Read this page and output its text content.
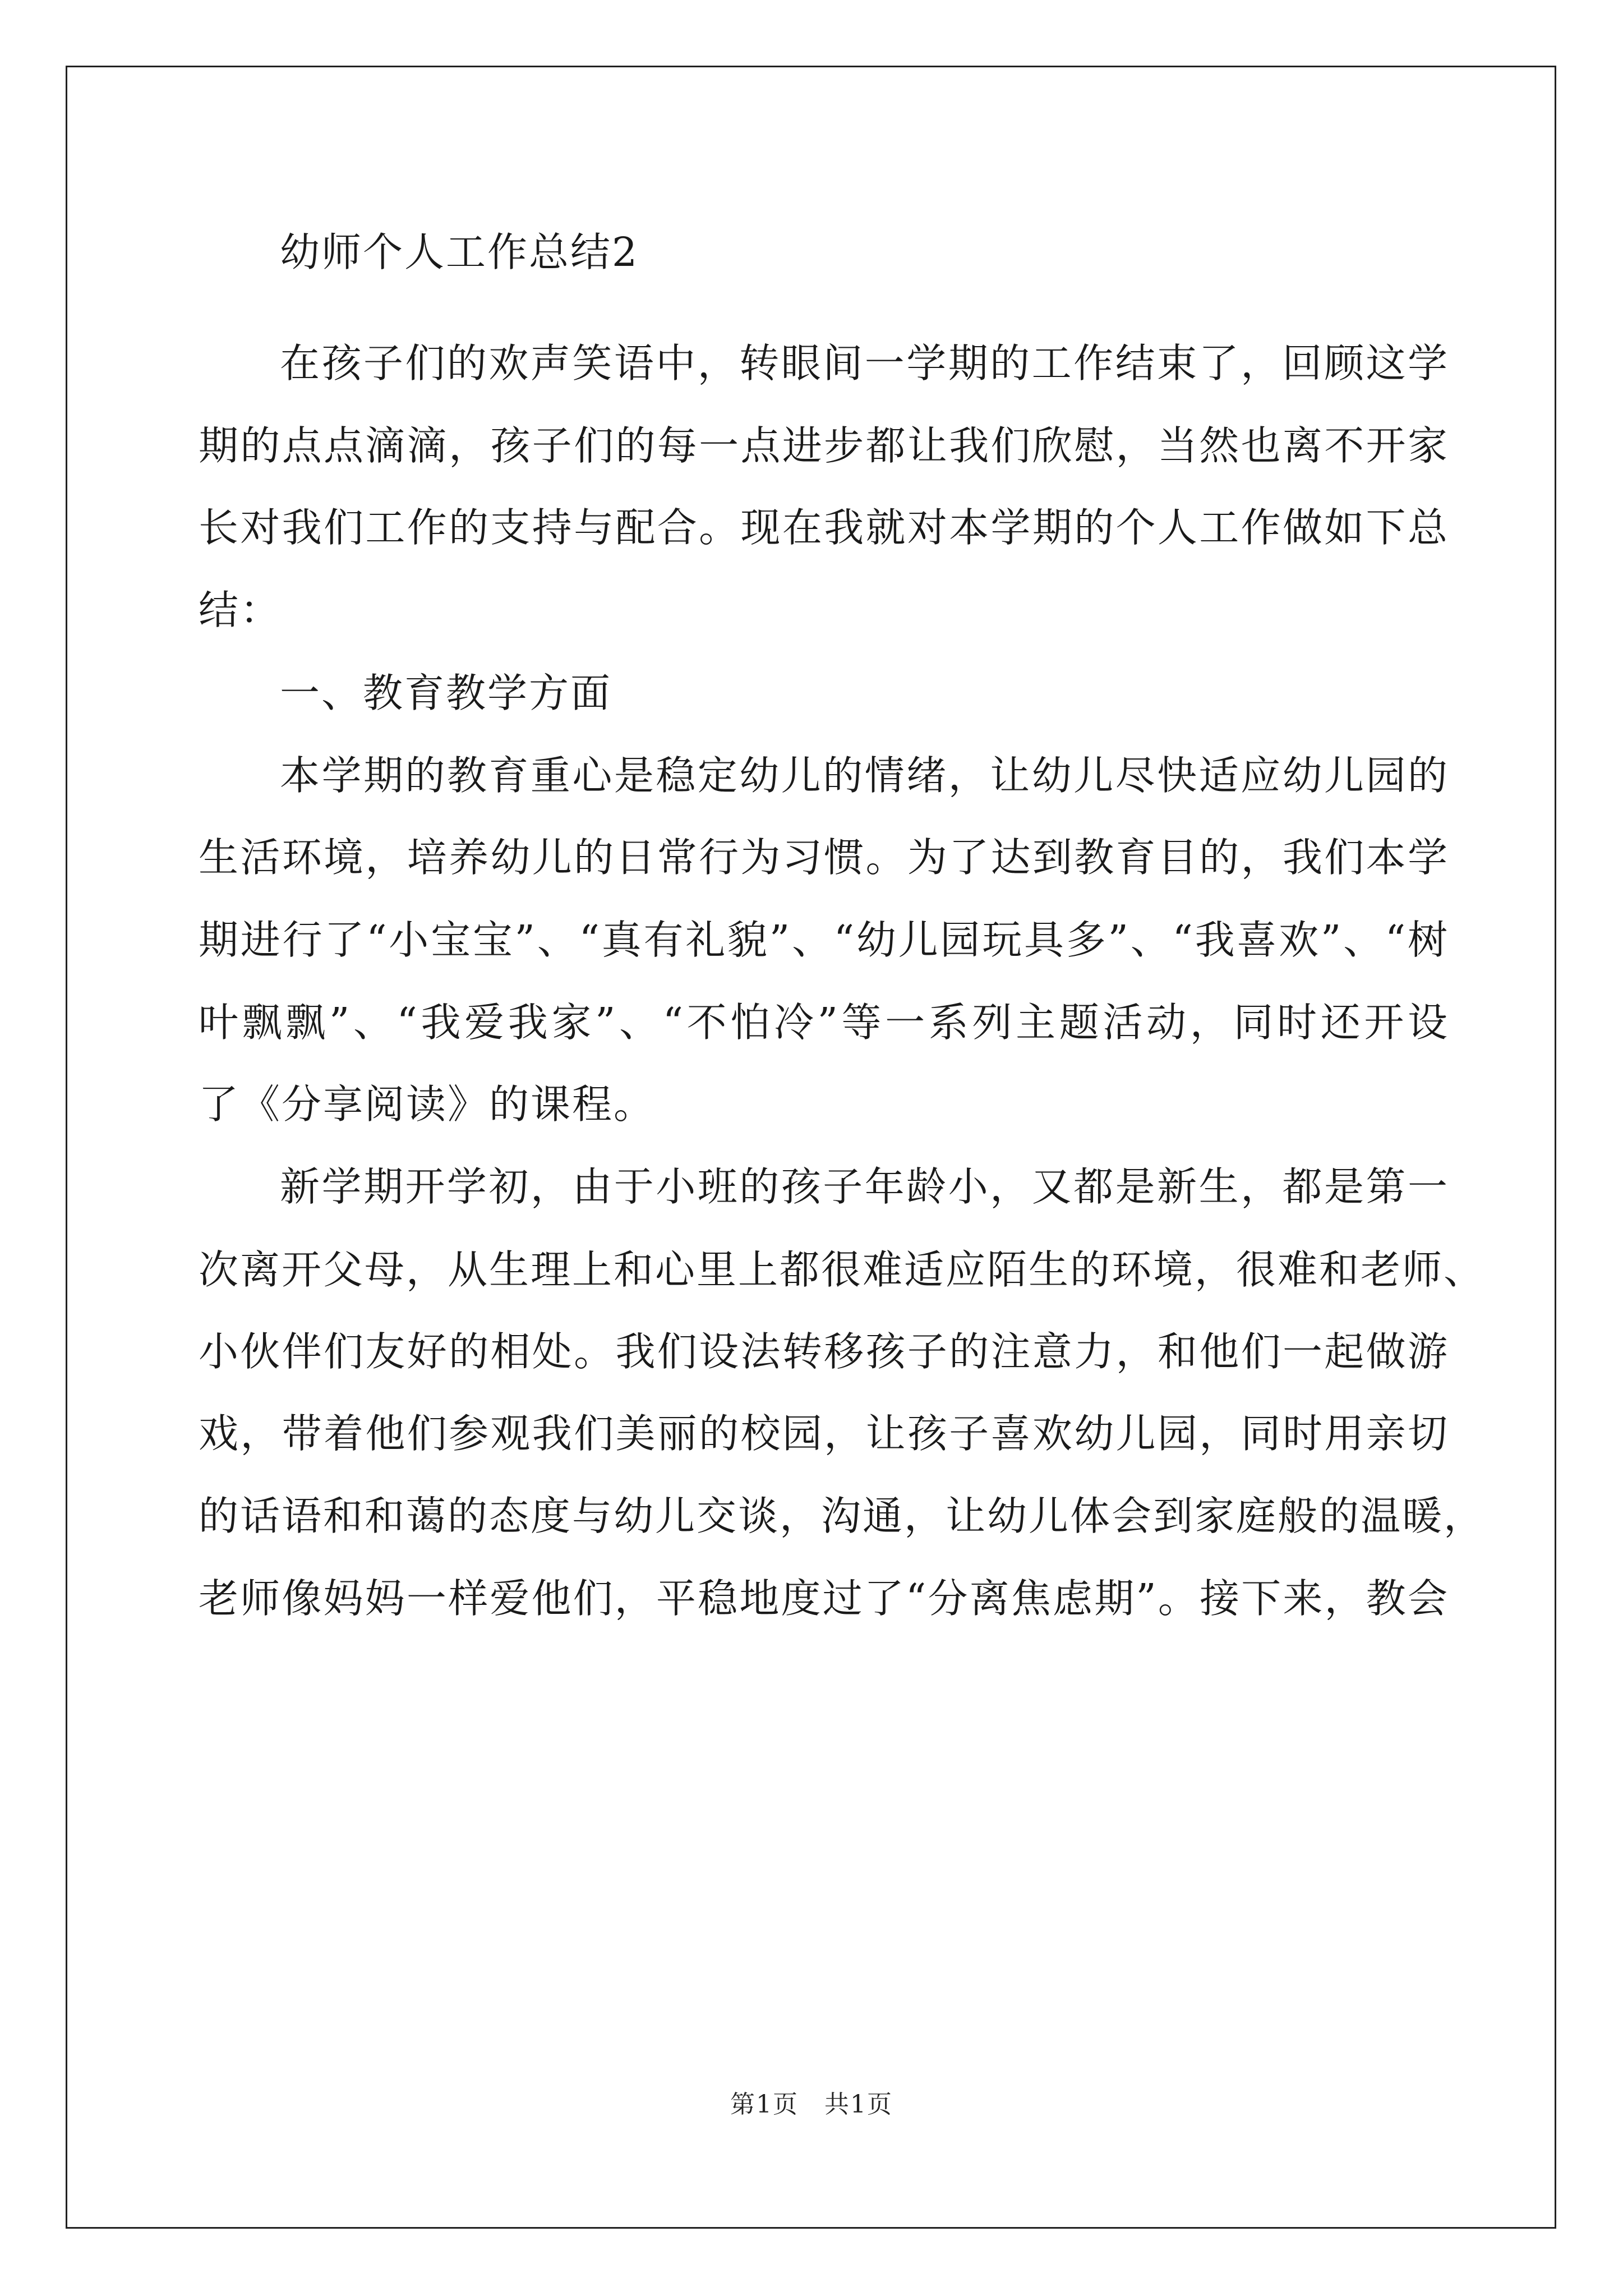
幼师个人工作总结2
在孩子们的欢声笑语中，转眼间一学期的工作结束了，回顾这学
期的点点滴滴，孩子们的每一点进步都让我们欣慰，当然也离不开家
长对我们工作的支持与配合。现在我就对本学期的个人工作做如下总
结：
一、教育教学方面
本学期的教育重心是稳定幼儿的情绪，让幼儿尽快适应幼儿园的
生活环境，培养幼儿的日常行为习惯。为了达到教育目的，我们本学
期进行了“小宝宝”、“真有礼貌”、“幼儿园玩具多”、“我喜欢”、“树
叶飘飘”、“我爱我家”、“不怕冷”等一系列主题活动，同时还开设
了《分享阅读》的课程。
新学期开学初，由于小班的孩子年龄小，又都是新生，都是第一
次离开父母，从生理上和心里上都很难适应陌生的环境，很难和老师、
小伙伴们友好的相处。我们设法转移孩子的注意力，和他们一起做游
戏，带着他们参观我们美丽的校园，让孩子喜欢幼儿园，同时用亲切
的话语和和蔼的态度与幼儿交谈，沟通，让幼儿体会到家庭般的温暖，
老师像妈妈一样爱他们，平稳地度过了“分离焦虑期”。接下来，教会
第1页　共1页
